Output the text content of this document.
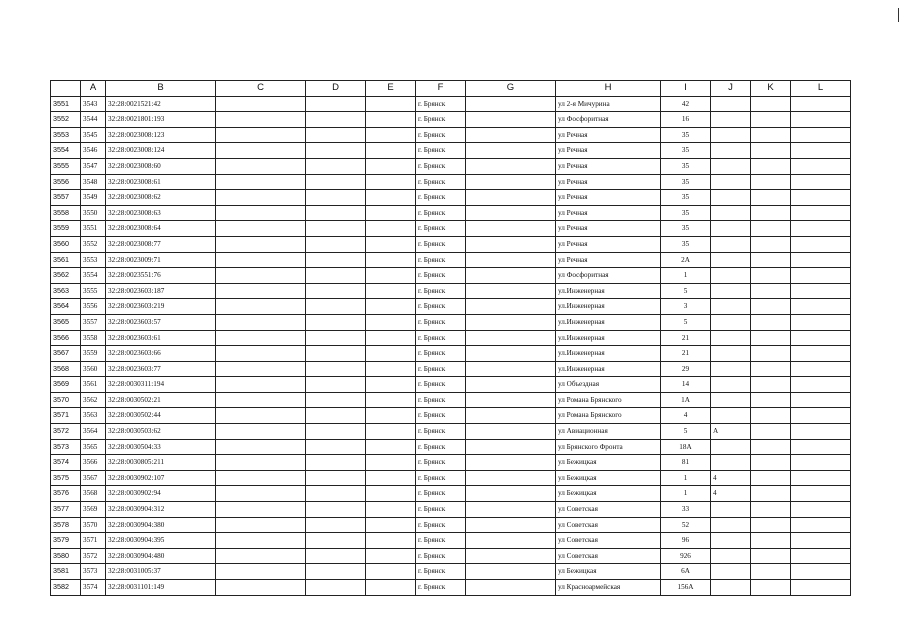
	A	B	C	D	E	F	G	H	I	J	K	L
3551	3543	32:28:0021521:42				г. Брянск		ул 2-я Мичурина	42			
3552	3544	32:28:0021801:193				г. Брянск		ул Фосфоритная	16			
3553	3545	32:28:0023008:123				г. Брянск		ул Речная	35			
3554	3546	32:28:0023008:124				г. Брянск		ул Речная	35			
3555	3547	32:28:0023008:60				г. Брянск		ул Речная	35			
3556	3548	32:28:0023008:61				г. Брянск		ул Речная	35			
3557	3549	32:28:0023008:62				г. Брянск		ул Речная	35			
3558	3550	32:28:0023008:63				г. Брянск		ул Речная	35			
3559	3551	32:28:0023008:64				г. Брянск		ул Речная	35			
3560	3552	32:28:0023008:77				г. Брянск		ул Речная	35			
3561	3553	32:28:0023009:71				г. Брянск		ул Речная	2А			
3562	3554	32:28:0023551:76				г. Брянск		ул Фосфоритная	1			
3563	3555	32:28:0023603:187				г. Брянск		ул.Инженерная	5			
3564	3556	32:28:0023603:219				г. Брянск		ул.Инженерная	3			
3565	3557	32:28:0023603:57				г. Брянск		ул.Инженерная	5			
3566	3558	32:28:0023603:61				г. Брянск		ул.Инженерная	21			
3567	3559	32:28:0023603:66				г. Брянск		ул.Инженерная	21			
3568	3560	32:28:0023603:77				г. Брянск		ул.Инженерная	29			
3569	3561	32:28:0030311:194				г. Брянск		ул Объездная	14			
3570	3562	32:28:0030502:21				г. Брянск		ул Романа Брянского	1А			
3571	3563	32:28:0030502:44				г. Брянск		ул Романа Брянского	4			
3572	3564	32:28:0030503:62				г. Брянск		ул Авиационная	5	А		
3573	3565	32:28:0030504:33				г. Брянск		ул Брянского Фронта	18А			
3574	3566	32:28:0030805:211				г. Брянск		ул Бежицкая	81			
3575	3567	32:28:0030902:107				г. Брянск		ул Бежицкая	1	4		
3576	3568	32:28:0030902:94				г. Брянск		ул Бежицкая	1	4		
3577	3569	32:28:0030904:312				г. Брянск		ул Советская	33			
3578	3570	32:28:0030904:380				г. Брянск		ул Советская	52			
3579	3571	32:28:0030904:395				г. Брянск		ул Советская	96			
3580	3572	32:28:0030904:480				г. Брянск		ул Советская	926			
3581	3573	32:28:0031005:37				г. Брянск		ул Бежицкая	6А			
3582	3574	32:28:0031101:149				г. Брянск		ул Красноармейская	156А			
